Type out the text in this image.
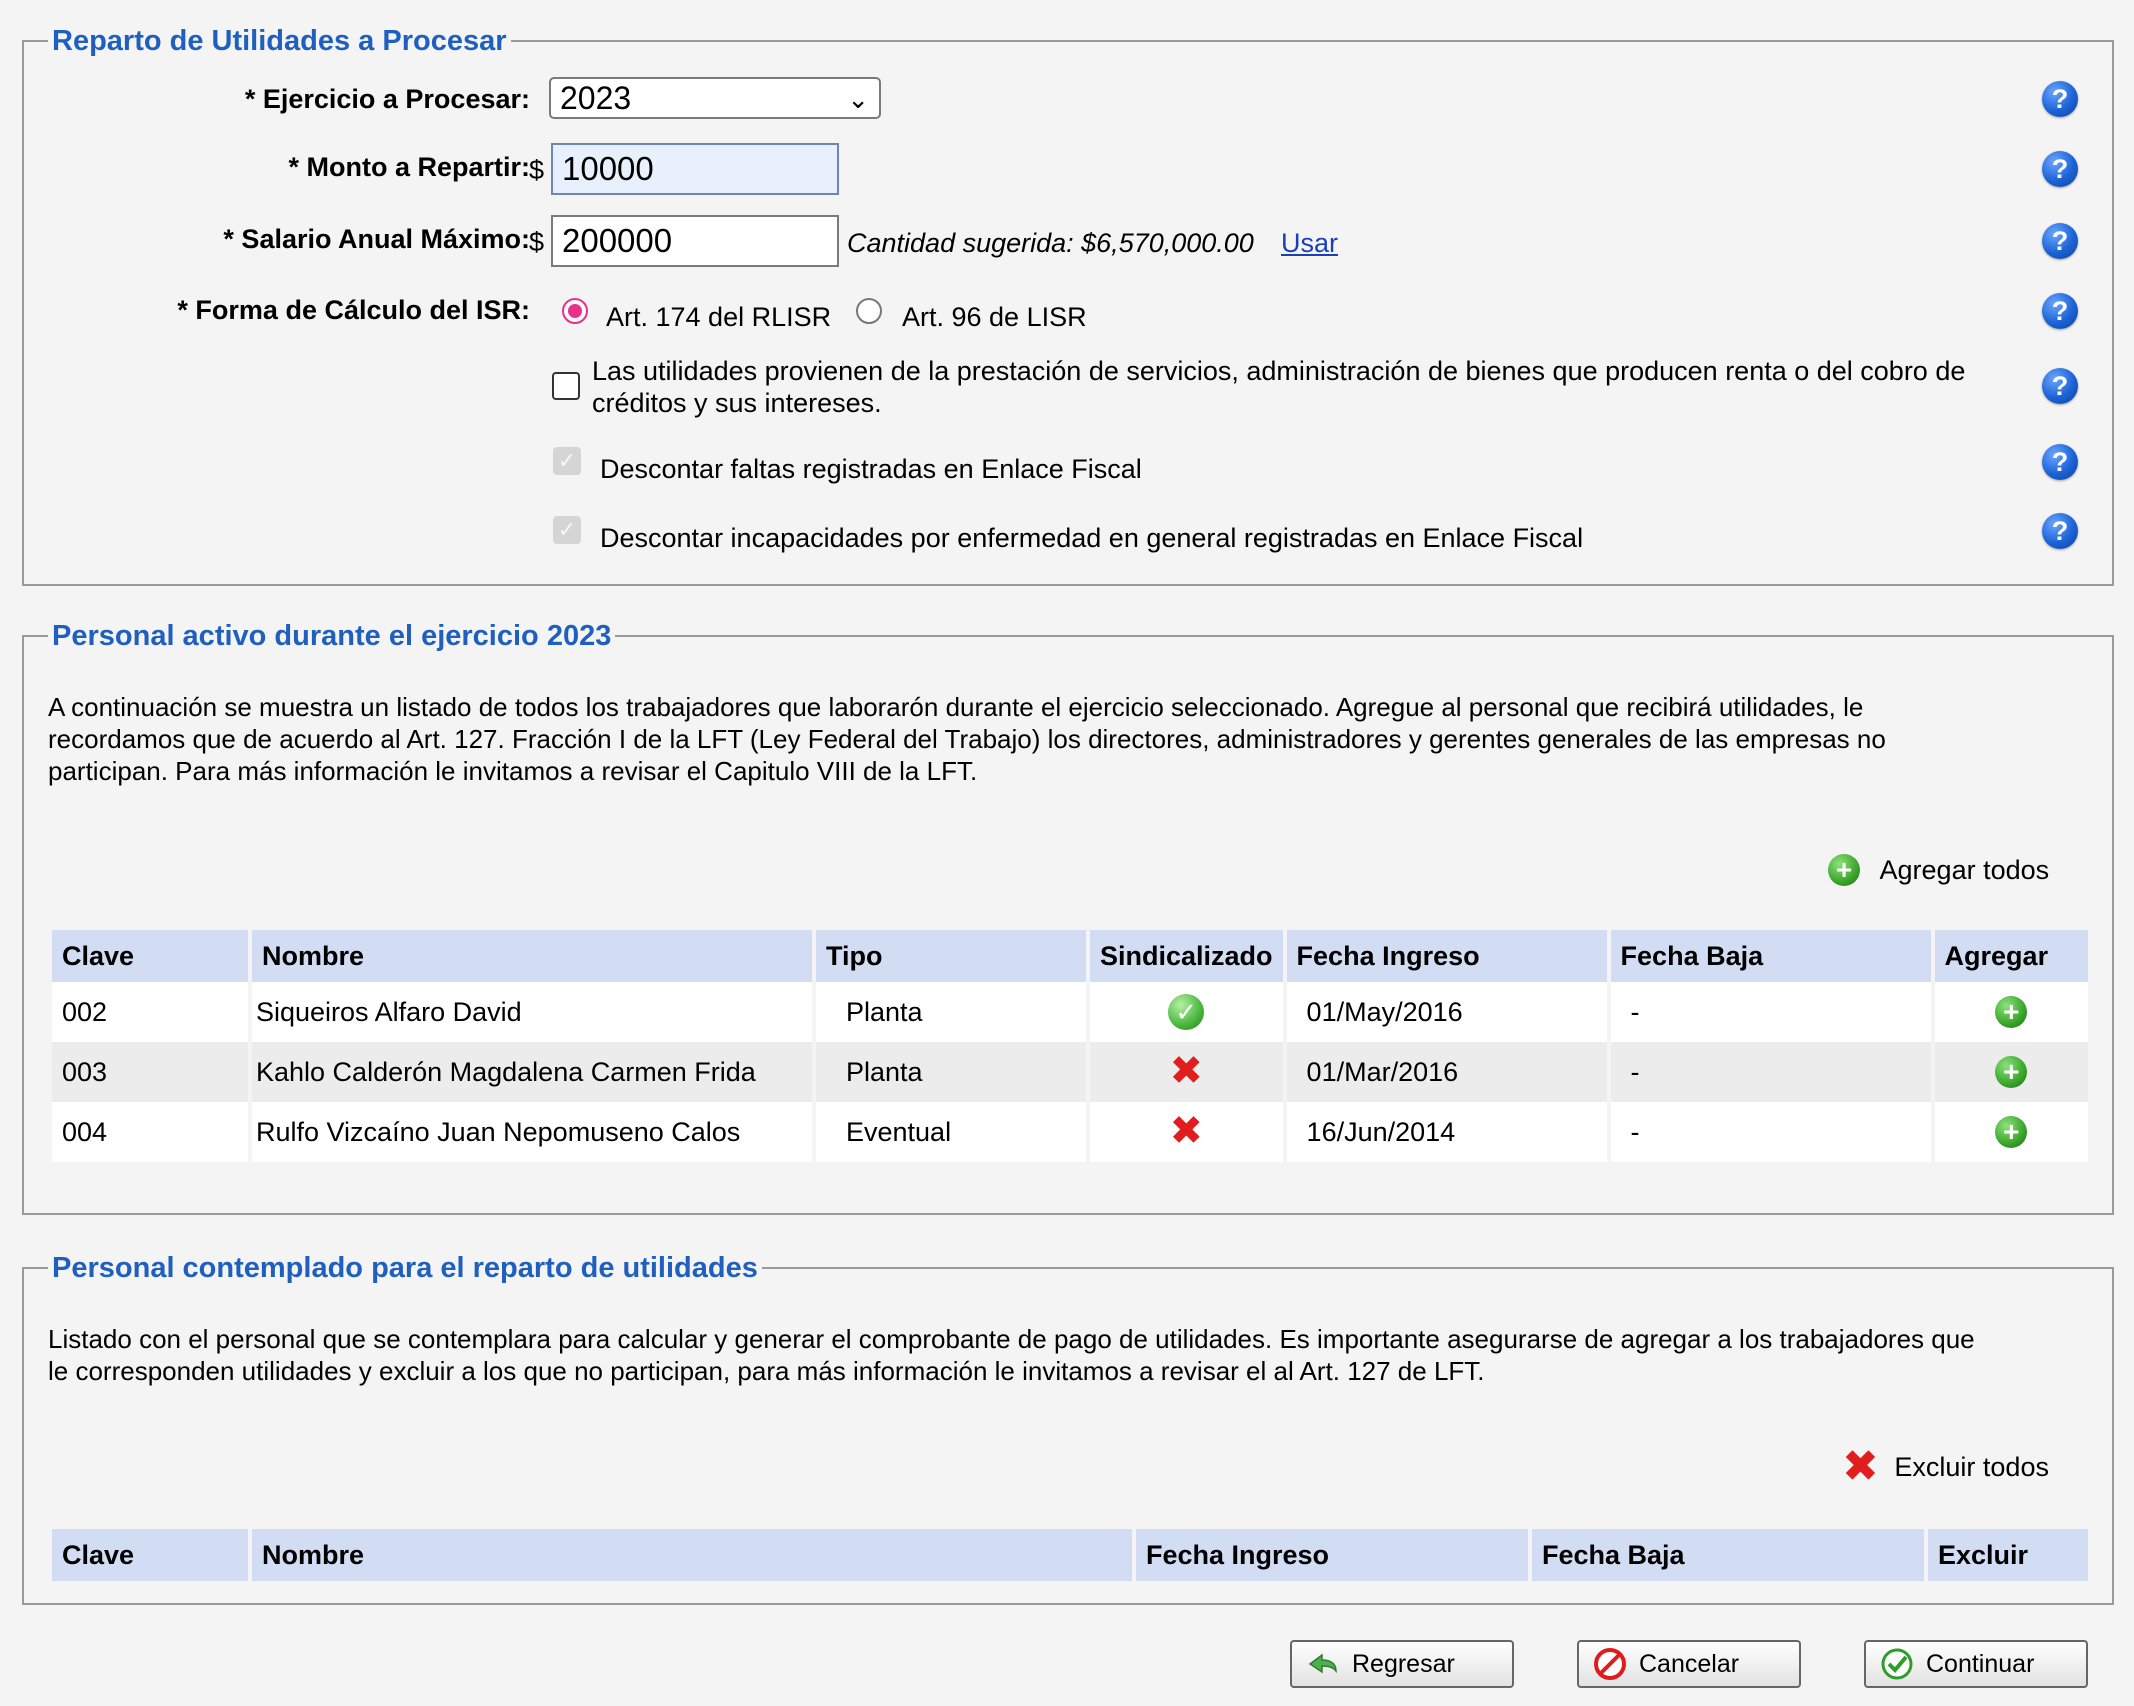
Reparto de Utilidades a Procesar
* Ejercicio a Procesar: 2023	⌄
* Monto a Repartir: $ 10000
* Salario Anual Máximo: $ 200000	Cantidad sugerida: $6,570,000.00 Usar
* Forma de Cálculo del ISR:	Art. 174 del RLISR	Art. 96 de LISR
Las utilidades provienen de la prestación de servicios, administración de bienes que producen renta o del cobro de
créditos y sus intereses.
✓ Descontar faltas registradas en Enlace Fiscal
✓ Descontar incapacidades por enfermedad en general registradas en Enlace Fiscal
?
?
?
?
?
?
?
Personal activo durante el ejercicio 2023
A continuación se muestra un listado de todos los trabajadores que laborarón durante el ejercicio seleccionado. Agregue al personal que recibirá utilidades, le
recordamos que de acuerdo al Art. 127. Fracción I de la LFT (Ley Federal del Trabajo) los directores, administradores y gerentes generales de las empresas no
participan. Para más información le invitamos a revisar el Capitulo VIII de la LFT.
+ Agregar todos
Clave	Nombre	Tipo	Sindicalizado	Fecha Ingreso	Fecha Baja	Agregar
002	Siqueiros Alfaro David	Planta	✓	01/May/2016	-	+
003	Kahlo Calderón Magdalena Carmen Frida	Planta	✖	01/Mar/2016	-	+
004	Rulfo Vizcaíno Juan Nepomuseno Calos	Eventual	✖	16/Jun/2014	-	+
Personal contemplado para el reparto de utilidades
Listado con el personal que se contemplara para calcular y generar el comprobante de pago de utilidades. Es importante asegurarse de agregar a los trabajadores que
le corresponden utilidades y excluir a los que no participan, para más información le invitamos a revisar el al Art. 127 de LFT.
✖ Excluir todos
Clave	Nombre	Fecha Ingreso	Fecha Baja	Excluir
Regresar	Cancelar	Continuar
